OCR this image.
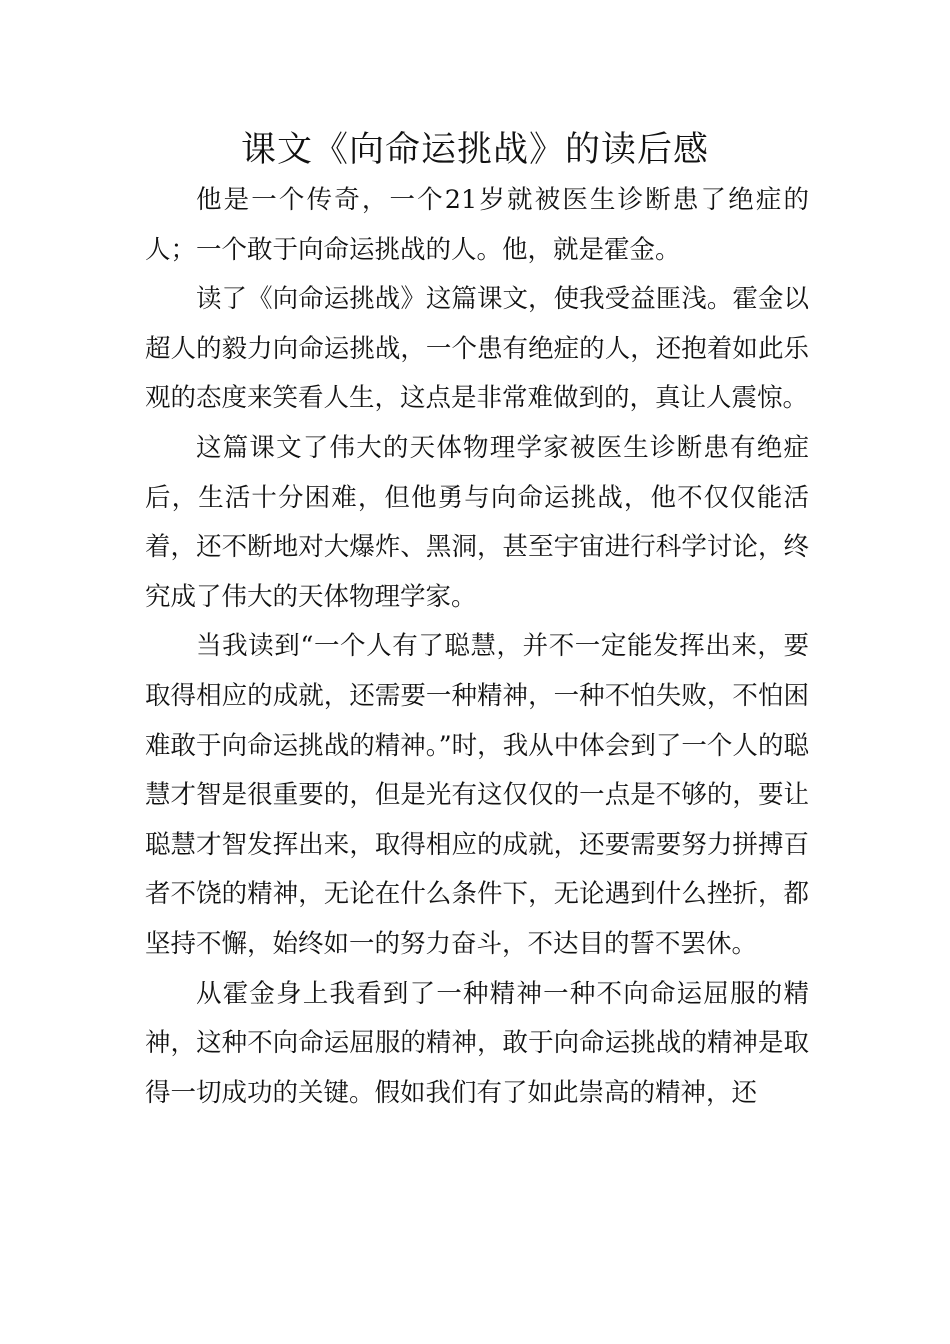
课文《向命运挑战》的读后感

他是一个传奇，一个21岁就被医生诊断患了绝症的人；一个敢于向命运挑战的人。他，就是霍金。

读了《向命运挑战》这篇课文，使我受益匪浅。霍金以超人的毅力向命运挑战，一个患有绝症的人，还抱着如此乐观的态度来笑看人生，这点是非常难做到的，真让人震惊。

这篇课文了伟大的天体物理学家被医生诊断患有绝症后，生活十分困难，但他勇与向命运挑战，他不仅仅能活着，还不断地对大爆炸、黑洞，甚至宇宙进行科学讨论，终究成了伟大的天体物理学家。

当我读到“一个人有了聪慧，并不一定能发挥出来，要取得相应的成就，还需要一种精神，一种不怕失败，不怕困难敢于向命运挑战的精神。”时，我从中体会到了一个人的聪慧才智是很重要的，但是光有这仅仅的一点是不够的，要让聪慧才智发挥出来，取得相应的成就，还要需要努力拼搏百者不饶的精神，无论在什么条件下，无论遇到什么挫折，都坚持不懈，始终如一的努力奋斗，不达目的誓不罢休。

从霍金身上我看到了一种精神一种不向命运屈服的精神，这种不向命运屈服的精神，敢于向命运挑战的精神是取得一切成功的关键。假如我们有了如此崇高的精神，还
